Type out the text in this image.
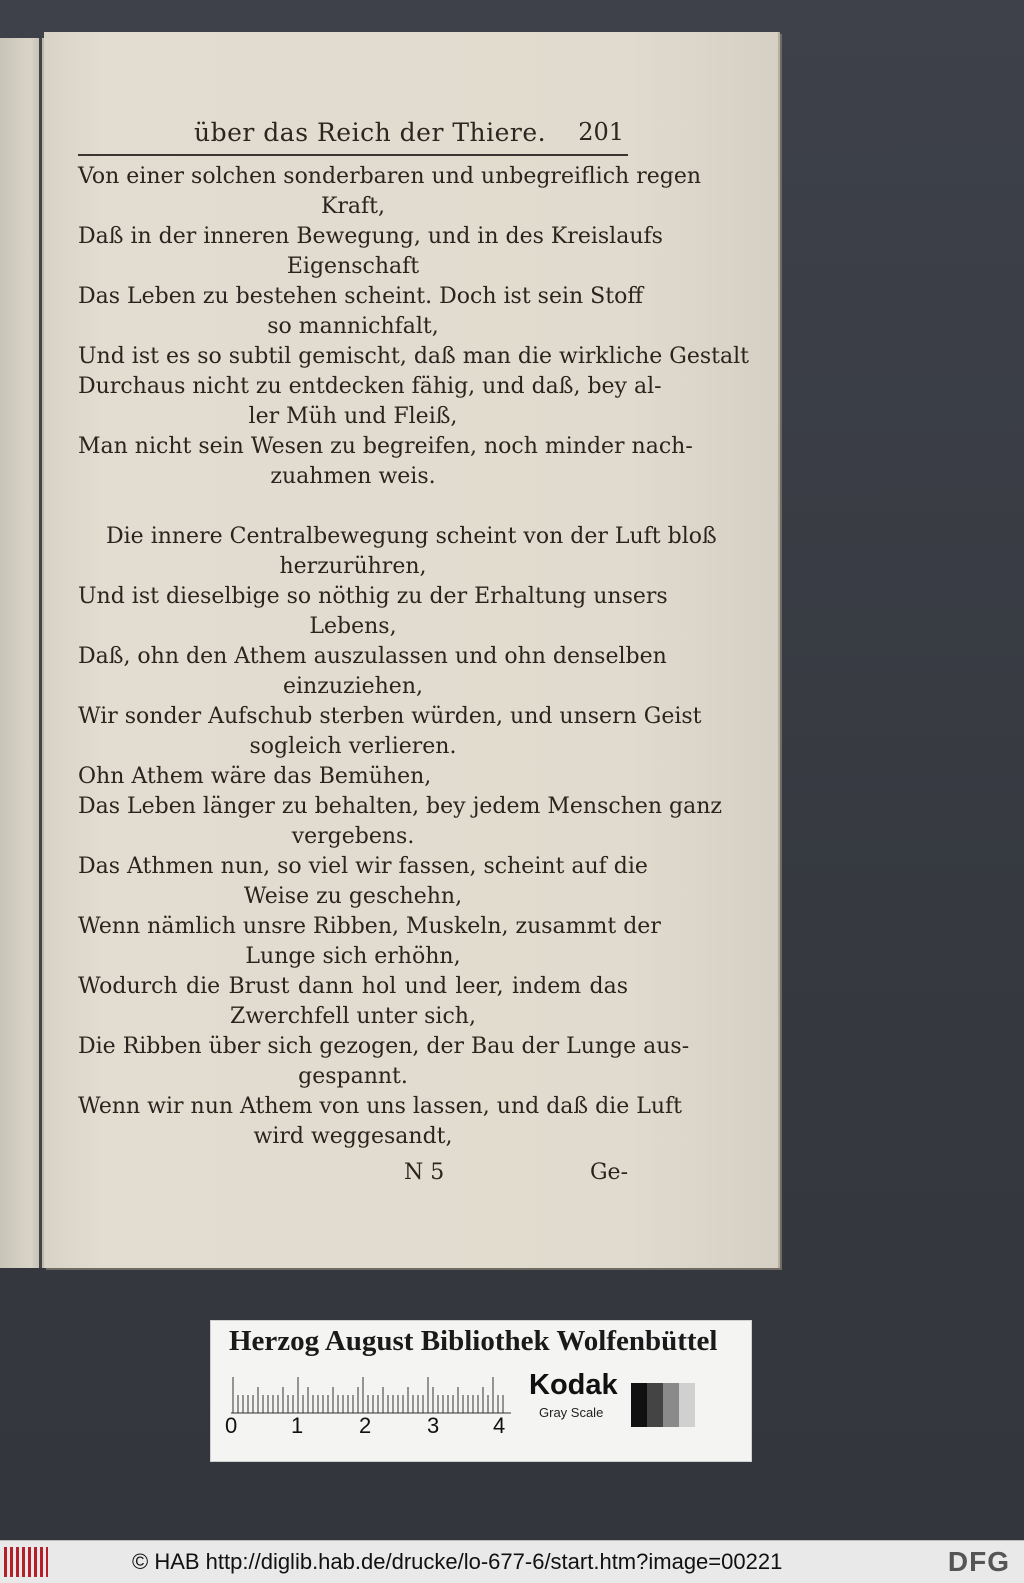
über das Reich der Thiere. 201
Von einer solchen sonderbaren und unbegreiflich regen
Kraft,
Daß in der inneren Bewegung, und in des Kreislaufs
Eigenschaft
Das Leben zu bestehen scheint. Doch ist sein Stoff
so mannichfalt,
Und ist es so subtil gemischt, daß man die wirkliche Gestalt
Durchaus nicht zu entdecken fähig, und daß, bey al-
ler Müh und Fleiß,
Man nicht sein Wesen zu begreifen, noch minder nach-
zuahmen weis.
Die innere Centralbewegung scheint von der Luft bloß
herzurühren,
Und ist dieselbige so nöthig zu der Erhaltung unsers
Lebens,
Daß, ohn den Athem auszulassen und ohn denselben
einzuziehen,
Wir sonder Aufschub sterben würden, und unsern Geist
sogleich verlieren.
Ohn Athem wäre das Bemühen,
Das Leben länger zu behalten, bey jedem Menschen ganz
vergebens.
Das Athmen nun, so viel wir fassen, scheint auf die
Weise zu geschehn,
Wenn nämlich unsre Ribben, Muskeln, zusammt der
Lunge sich erhöhn,
Wodurch die Brust dann hol und leer, indem das
Zwerchfell unter sich,
Die Ribben über sich gezogen, der Bau der Lunge aus-
gespannt.
Wenn wir nun Athem von uns lassen, und daß die Luft
wird weggesandt,
N 5	Ge-
Herzog August Bibliothek Wolfenbüttel
0 1	2	3 4
Kodak
Gray Scale
© HAB http://diglib.hab.de/drucke/lo-677-6/start.htm?image=00221	DFG
